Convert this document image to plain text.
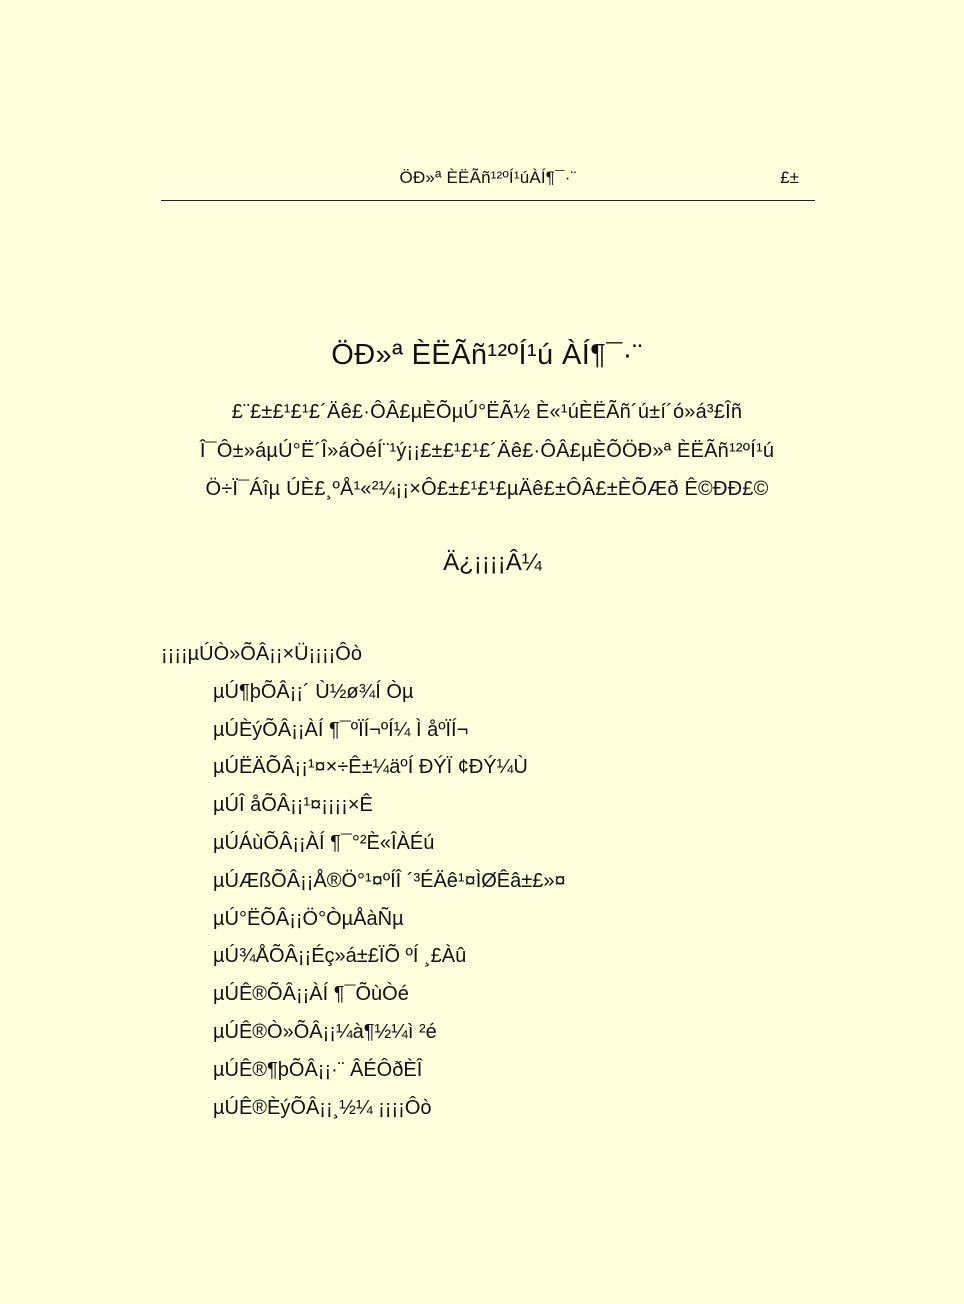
ÖÐ»ª ÈËÃñ¹²ºÍ¹úÀÍ¶¯·¨	£±
ÖÐ»ª ÈËÃñ¹²ºÍ¹ú ÀÍ¶¯·¨
£¨£±£¹£¹£´Äê£·ÔÂ£µÈÕµÚ°ËÃ½ È«¹úÈËÃñ´ú±í´ó»á³£Îñ
Î¯Ô±»áµÚ°Ë´Î»áÒéÍ¨¹ý¡¡£±£¹£¹£´Äê£·ÔÂ£µÈÕÖÐ»ª ÈËÃñ¹²ºÍ¹ú
Ö÷Ï¯Áîµ ÚÈ£¸ºÅ¹«²¼¡¡×Ô£±£¹£¹£µÄê£±ÔÂ£±ÈÕÆð Ê©ÐÐ£©
Ä¿¡¡¡¡Â¼
¡¡¡¡µÚÒ»ÕÂ¡¡×Ü¡¡¡¡Ôò
µÚ¶þÕÂ¡¡´ Ù½ø¾Í Òµ
µÚÈýÕÂ¡¡ÀÍ ¶¯ºÏÍ¬ºÍ¼ Ì åºÏÍ¬
µÚËÄÕÂ¡¡¹¤×÷Ê±¼äºÍ ÐÝÏ ¢ÐÝ¼Ù
µÚÎ åÕÂ¡¡¹¤¡¡¡¡×Ê
µÚÁùÕÂ¡¡ÀÍ ¶¯°²È«ÎÀÉú
µÚÆßÕÂ¡¡Å®Ö°¹¤ºÍÎ ´³ÉÄê¹¤ÌØÊâ±£»¤
µÚ°ËÕÂ¡¡Ö°ÒµÅàÑµ
µÚ¾ÅÕÂ¡¡Éç»á±£ÏÕ ºÍ ¸£Àû
µÚÊ®ÕÂ¡¡ÀÍ ¶¯ÕùÒé
µÚÊ®Ò»ÕÂ¡¡¼à¶½¼ì ²é
µÚÊ®¶þÕÂ¡¡·¨ ÂÉÔðÈÎ
µÚÊ®ÈýÕÂ¡¡¸½¼ ¡¡¡¡Ôò
